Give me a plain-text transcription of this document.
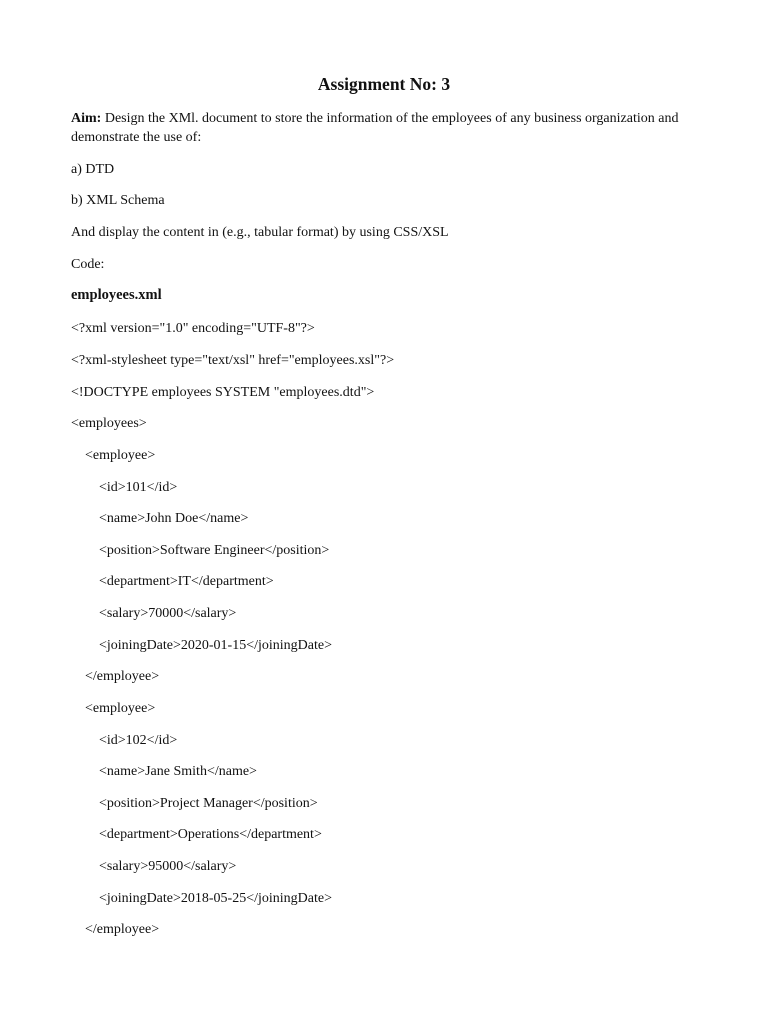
Assignment No: 3
Aim: Design the XMl. document to store the information of the employees of any business organization and demonstrate the use of:
a) DTD
b) XML Schema
And display the content in (e.g., tabular format) by using CSS/XSL
Code:
employees.xml
<?xml version="1.0" encoding="UTF-8"?>
<?xml-stylesheet type="text/xsl" href="employees.xsl"?>
<!DOCTYPE employees SYSTEM "employees.dtd">
<employees>
<employee>
<id>101</id>
<name>John Doe</name>
<position>Software Engineer</position>
<department>IT</department>
<salary>70000</salary>
<joiningDate>2020-01-15</joiningDate>
</employee>
<employee>
<id>102</id>
<name>Jane Smith</name>
<position>Project Manager</position>
<department>Operations</department>
<salary>95000</salary>
<joiningDate>2018-05-25</joiningDate>
</employee>
